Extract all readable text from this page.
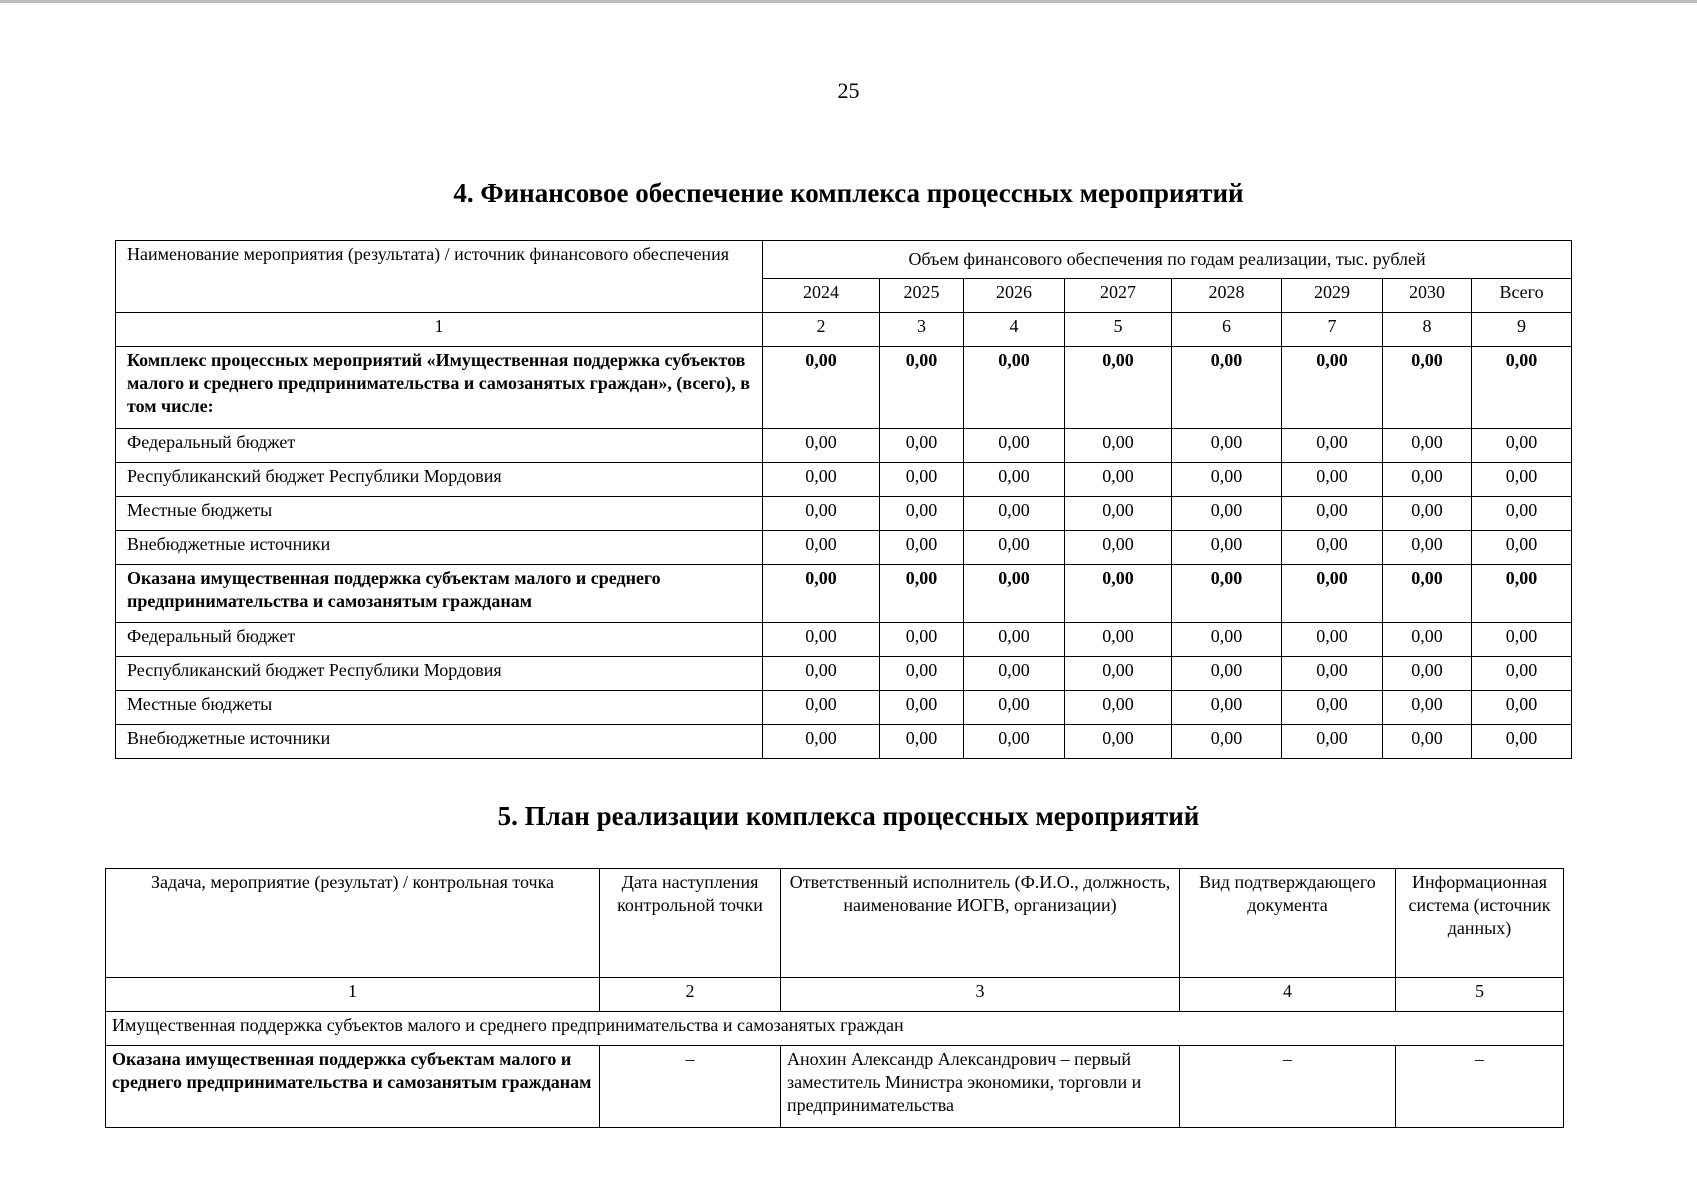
25
4. Финансовое обеспечение комплекса процессных мероприятий
Наименование мероприятия (результата) / источник финансового обеспечения	Объем финансового обеспечения по годам реализации, тыс. рублей							
	2024	2025	2026	2027	2028	2029	2030	Всего
1	2	3	4	5	6	7	8	9
Комплекс процессных мероприятий «Имущественная поддержка субъектов малого и среднего предпринимательства и самозанятых граждан», (всего), в том числе:	0,00	0,00	0,00	0,00	0,00	0,00	0,00	0,00
Федеральный бюджет	0,00	0,00	0,00	0,00	0,00	0,00	0,00	0,00
Республиканский бюджет Республики Мордовия	0,00	0,00	0,00	0,00	0,00	0,00	0,00	0,00
Местные бюджеты	0,00	0,00	0,00	0,00	0,00	0,00	0,00	0,00
Внебюджетные источники	0,00	0,00	0,00	0,00	0,00	0,00	0,00	0,00
Оказана имущественная поддержка субъектам малого и среднего предпринимательства и самозанятым гражданам	0,00	0,00	0,00	0,00	0,00	0,00	0,00	0,00
Федеральный бюджет	0,00	0,00	0,00	0,00	0,00	0,00	0,00	0,00
Республиканский бюджет Республики Мордовия	0,00	0,00	0,00	0,00	0,00	0,00	0,00	0,00
Местные бюджеты	0,00	0,00	0,00	0,00	0,00	0,00	0,00	0,00
Внебюджетные источники	0,00	0,00	0,00	0,00	0,00	0,00	0,00	0,00
5. План реализации комплекса процессных мероприятий
Задача, мероприятие (результат) / контрольная точка	Дата наступления контрольной точки	Ответственный исполнитель (Ф.И.О., должность, наименование ИОГВ, организации)	Вид подтверждающего документа	Информационная система (источник данных)
1	2	3	4	5
Имущественная поддержка субъектов малого и среднего предпринимательства и самозанятых граждан				
Оказана имущественная поддержка субъектам малого и среднего предпринимательства и самозанятым гражданам	–	Анохин Александр Александрович – первый заместитель Министра экономики, торговли и предпринимательства	–	–
